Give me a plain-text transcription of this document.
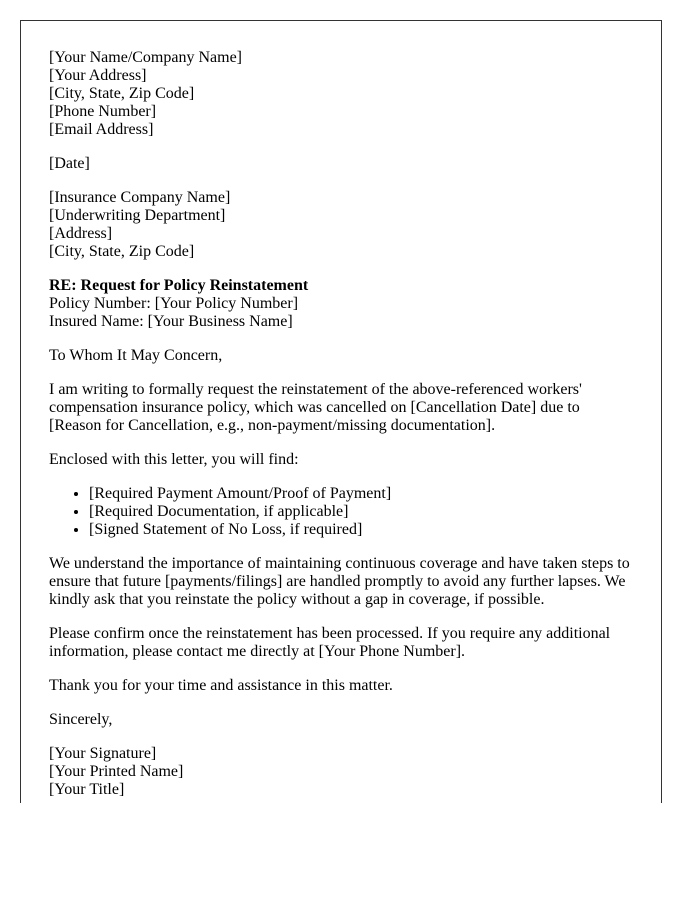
[Your Name/Company Name]
[Your Address]
[City, State, Zip Code]
[Phone Number]
[Email Address]

[Date]

[Insurance Company Name]
[Underwriting Department]
[Address]
[City, State, Zip Code]

RE: Request for Policy Reinstatement
Policy Number: [Your Policy Number]
Insured Name: [Your Business Name]

To Whom It May Concern,

I am writing to formally request the reinstatement of the above-referenced workers' compensation insurance policy, which was cancelled on [Cancellation Date] due to [Reason for Cancellation, e.g., non-payment/missing documentation].

Enclosed with this letter, you will find:

• [Required Payment Amount/Proof of Payment]
• [Required Documentation, if applicable]
• [Signed Statement of No Loss, if required]

We understand the importance of maintaining continuous coverage and have taken steps to ensure that future [payments/filings] are handled promptly to avoid any further lapses. We kindly ask that you reinstate the policy without a gap in coverage, if possible.

Please confirm once the reinstatement has been processed. If you require any additional information, please contact me directly at [Your Phone Number].

Thank you for your time and assistance in this matter.

Sincerely,

[Your Signature]
[Your Printed Name]
[Your Title]
